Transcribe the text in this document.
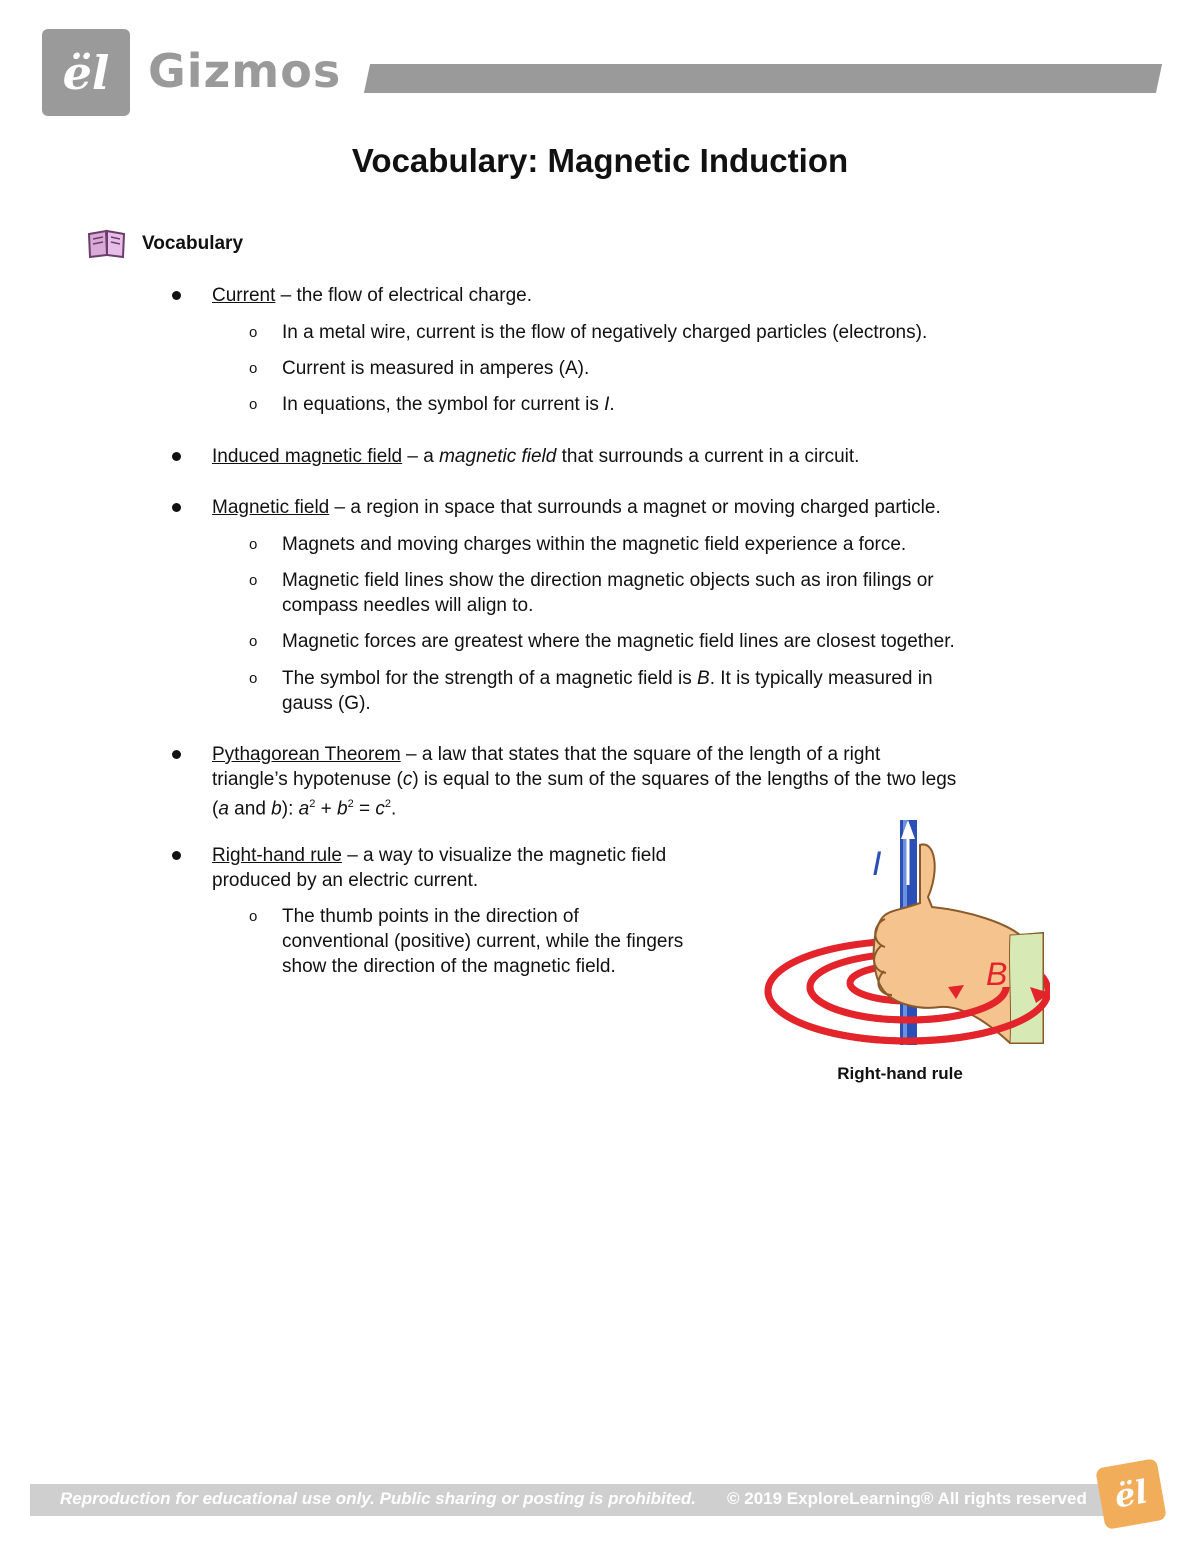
ël Gizmos
Vocabulary: Magnetic Induction
Vocabulary
Current – the flow of electrical charge.
o In a metal wire, current is the flow of negatively charged particles (electrons).
o Current is measured in amperes (A).
o In equations, the symbol for current is I.
Induced magnetic field – a magnetic field that surrounds a current in a circuit.
Magnetic field – a region in space that surrounds a magnet or moving charged particle.
o Magnets and moving charges within the magnetic field experience a force.
o Magnetic field lines show the direction magnetic objects such as iron filings or
compass needles will align to.
o Magnetic forces are greatest where the magnetic field lines are closest together.
o The symbol for the strength of a magnetic field is B. It is typically measured in
gauss (G).
Pythagorean Theorem – a law that states that the square of the length of a right
triangle’s hypotenuse (c) is equal to the sum of the squares of the lengths of the two legs
(a and b): $a^2 + b^2 = c^2$.
Right-hand rule – a way to visualize the magnetic field
produced by an electric current.
o The thumb points in the direction of
conventional (positive) current, while the fingers
show the direction of the magnetic field.
I
B
Right-hand rule
Reproduction for educational use only. Public sharing or posting is prohibited. © 2019 ExploreLearning® All rights reserved ël
